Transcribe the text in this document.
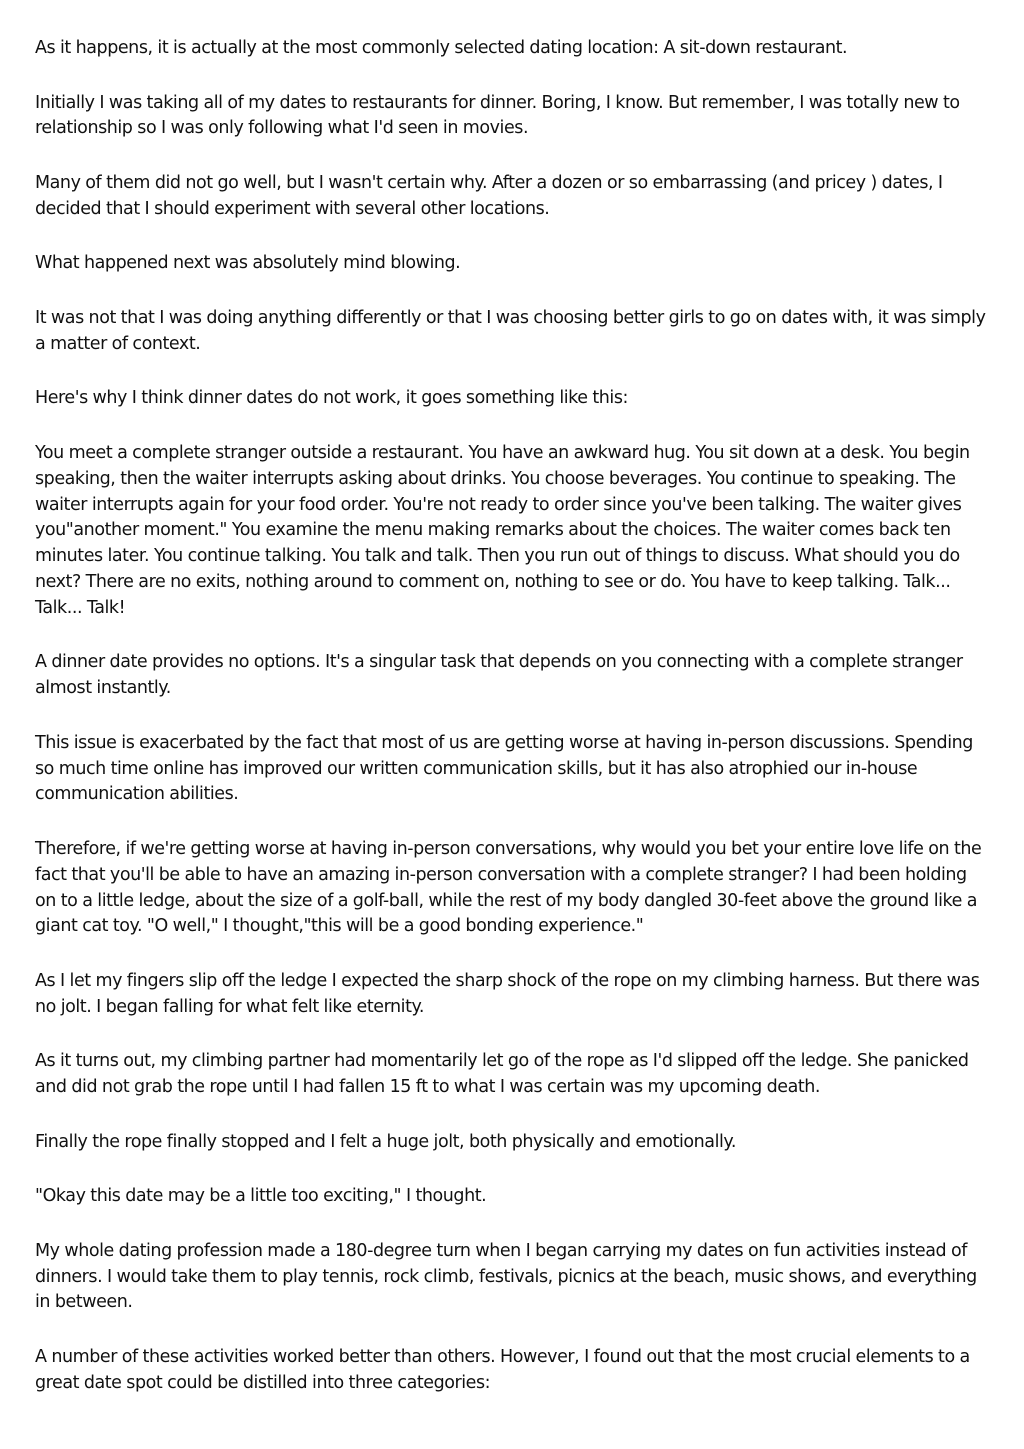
As it happens, it is actually at the most commonly selected dating location: A sit-down restaurant.

Initially I was taking all of my dates to restaurants for dinner. Boring, I know. But remember, I was totally new to relationship so I was only following what I'd seen in movies.

Many of them did not go well, but I wasn't certain why. After a dozen or so embarrassing (and pricey ) dates, I decided that I should experiment with several other locations.

What happened next was absolutely mind blowing.

It was not that I was doing anything differently or that I was choosing better girls to go on dates with, it was simply a matter of context.

Here's why I think dinner dates do not work, it goes something like this:

You meet a complete stranger outside a restaurant. You have an awkward hug. You sit down at a desk. You begin speaking, then the waiter interrupts asking about drinks. You choose beverages. You continue to speaking. The waiter interrupts again for your food order. You're not ready to order since you've been talking. The waiter gives you"another moment." You examine the menu making remarks about the choices. The waiter comes back ten minutes later. You continue talking. You talk and talk. Then you run out of things to discuss. What should you do next? There are no exits, nothing around to comment on, nothing to see or do. You have to keep talking. Talk... Talk... Talk!

A dinner date provides no options. It's a singular task that depends on you connecting with a complete stranger almost instantly.

This issue is exacerbated by the fact that most of us are getting worse at having in-person discussions. Spending so much time online has improved our written communication skills, but it has also atrophied our in-house communication abilities.

Therefore, if we're getting worse at having in-person conversations, why would you bet your entire love life on the fact that you'll be able to have an amazing in-person conversation with a complete stranger? I had been holding on to a little ledge, about the size of a golf-ball, while the rest of my body dangled 30-feet above the ground like a giant cat toy. "O well," I thought,"this will be a good bonding experience."

As I let my fingers slip off the ledge I expected the sharp shock of the rope on my climbing harness. But there was no jolt. I began falling for what felt like eternity.

As it turns out, my climbing partner had momentarily let go of the rope as I'd slipped off the ledge. She panicked and did not grab the rope until I had fallen 15 ft to what I was certain was my upcoming death.

Finally the rope finally stopped and I felt a huge jolt, both physically and emotionally.

"Okay this date may be a little too exciting," I thought.

My whole dating profession made a 180-degree turn when I began carrying my dates on fun activities instead of dinners. I would take them to play tennis, rock climb, festivals, picnics at the beach, music shows, and everything in between.

A number of these activities worked better than others. However, I found out that the most crucial elements to a great date spot could be distilled into three categories:
